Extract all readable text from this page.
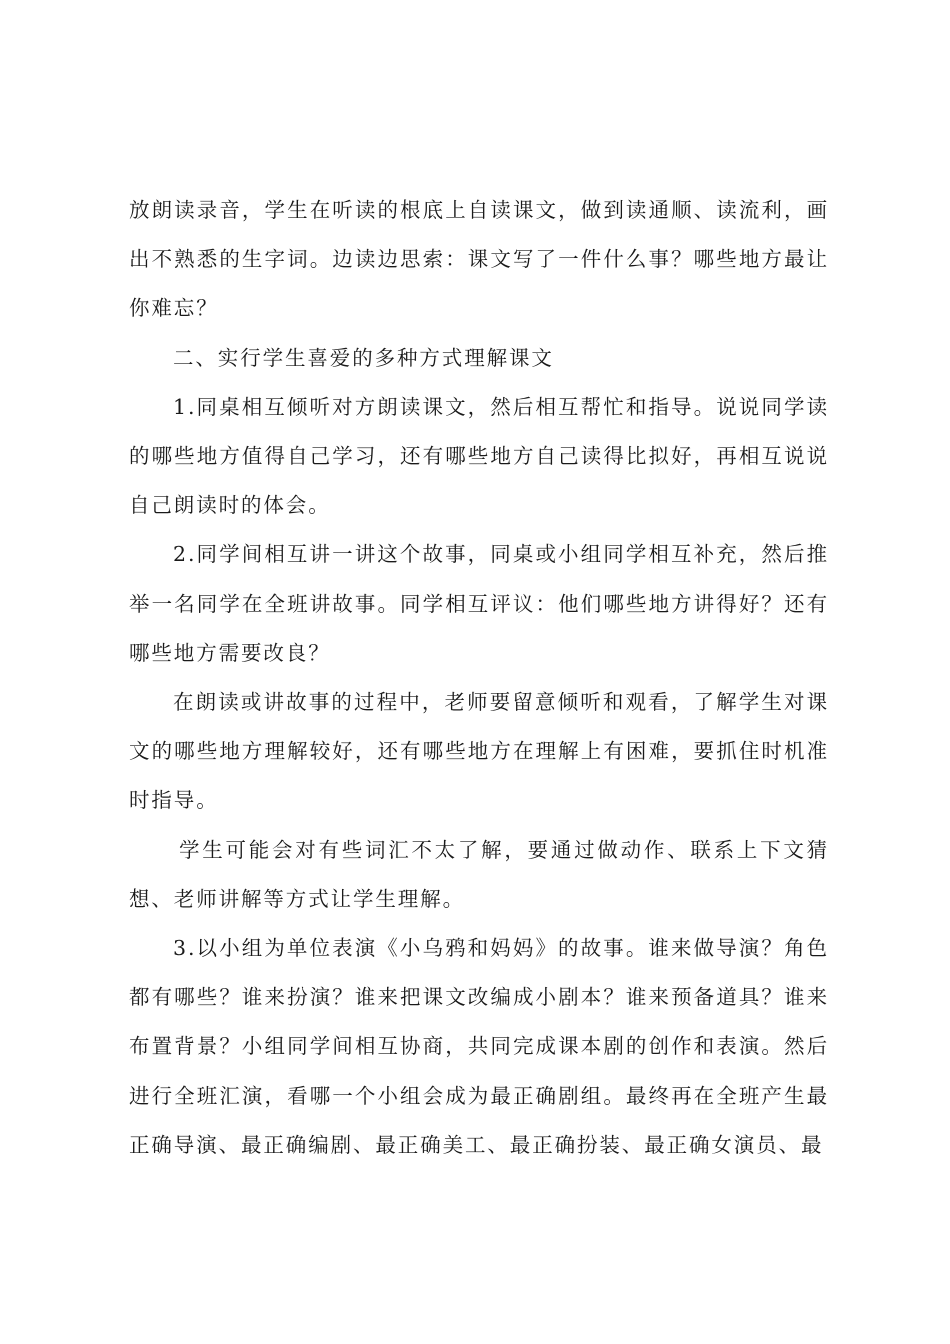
放朗读录音，学生在听读的根底上自读课文，做到读通顺、读流利，画出不熟悉的生字词。边读边思索：课文写了一件什么事？哪些地方最让你难忘？

二、实行学生喜爱的多种方式理解课文

1.同桌相互倾听对方朗读课文，然后相互帮忙和指导。说说同学读的哪些地方值得自己学习，还有哪些地方自己读得比拟好，再相互说说自己朗读时的体会。

2.同学间相互讲一讲这个故事，同桌或小组同学相互补充，然后推举一名同学在全班讲故事。同学相互评议：他们哪些地方讲得好？还有哪些地方需要改良？

在朗读或讲故事的过程中，老师要留意倾听和观看，了解学生对课文的哪些地方理解较好，还有哪些地方在理解上有困难，要抓住时机准时指导。

学生可能会对有些词汇不太了解，要通过做动作、联系上下文猜想、老师讲解等方式让学生理解。

3.以小组为单位表演《小乌鸦和妈妈》的故事。谁来做导演？角色都有哪些？谁来扮演？谁来把课文改编成小剧本？谁来预备道具？谁来布置背景？小组同学间相互协商，共同完成课本剧的创作和表演。然后进行全班汇演，看哪一个小组会成为最正确剧组。最终再在全班产生最正确导演、最正确编剧、最正确美工、最正确扮装、最正确女演员、最
